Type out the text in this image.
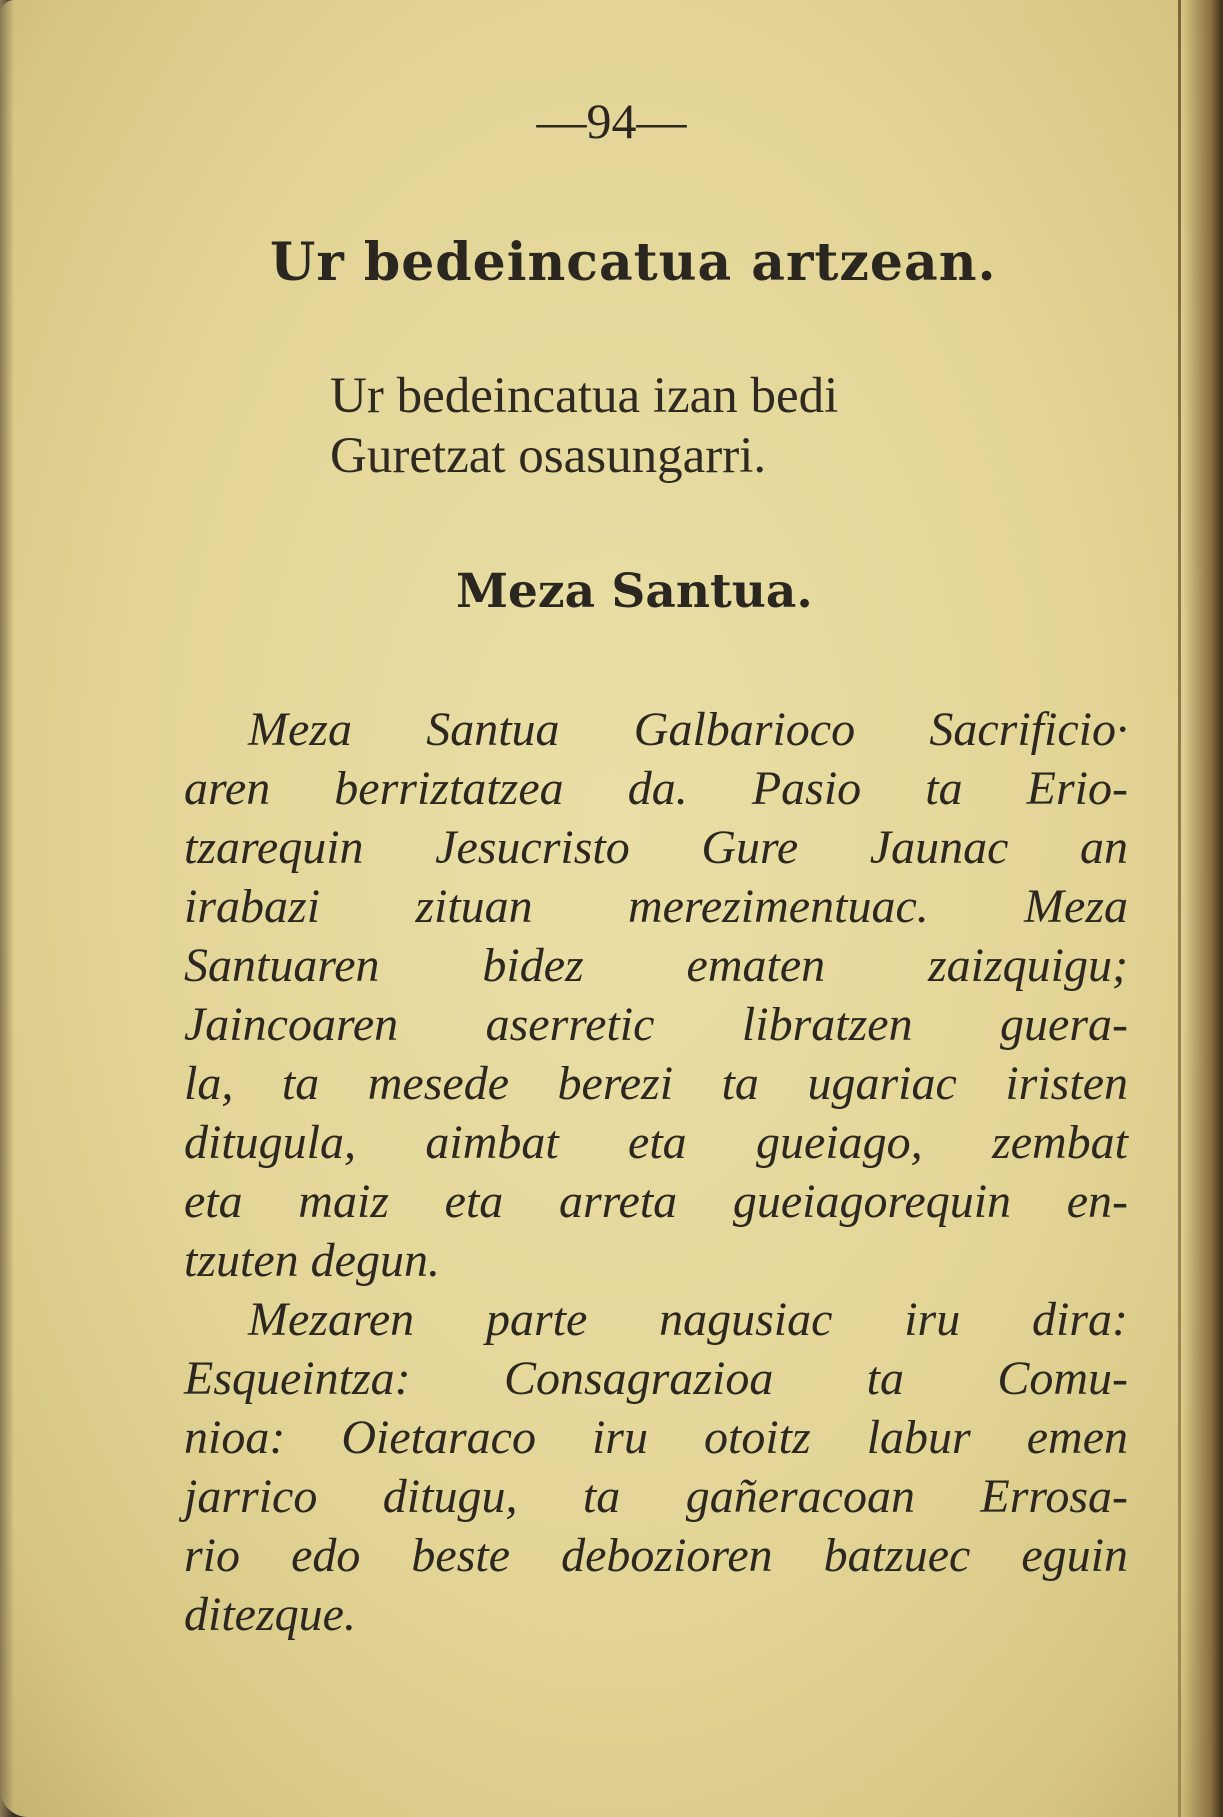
—94—
Ur bedeincatua artzean.
Ur bedeincatua izan bedi
Guretzat osasungarri.
Meza Santua.
Meza Santua Galbarioco Sacrificio·
aren berriztatzea da. Pasio ta Erio-
tzarequin Jesucristo Gure Jaunac an
irabazi zituan merezimentuac. Meza
Santuaren bidez ematen zaizquigu;
Jaincoaren aserretic libratzen guera-
la, ta mesede berezi ta ugariac iristen
ditugula, aimbat eta gueiago, zembat
eta maiz eta arreta gueiagorequin en-
tzuten degun.
Mezaren parte nagusiac iru dira:
Esqueintza: Consagrazioa ta Comu-
nioa: Oietaraco iru otoitz labur emen
jarrico ditugu, ta gañeracoan Errosa-
rio edo beste debozioren batzuec eguin
ditezque.
